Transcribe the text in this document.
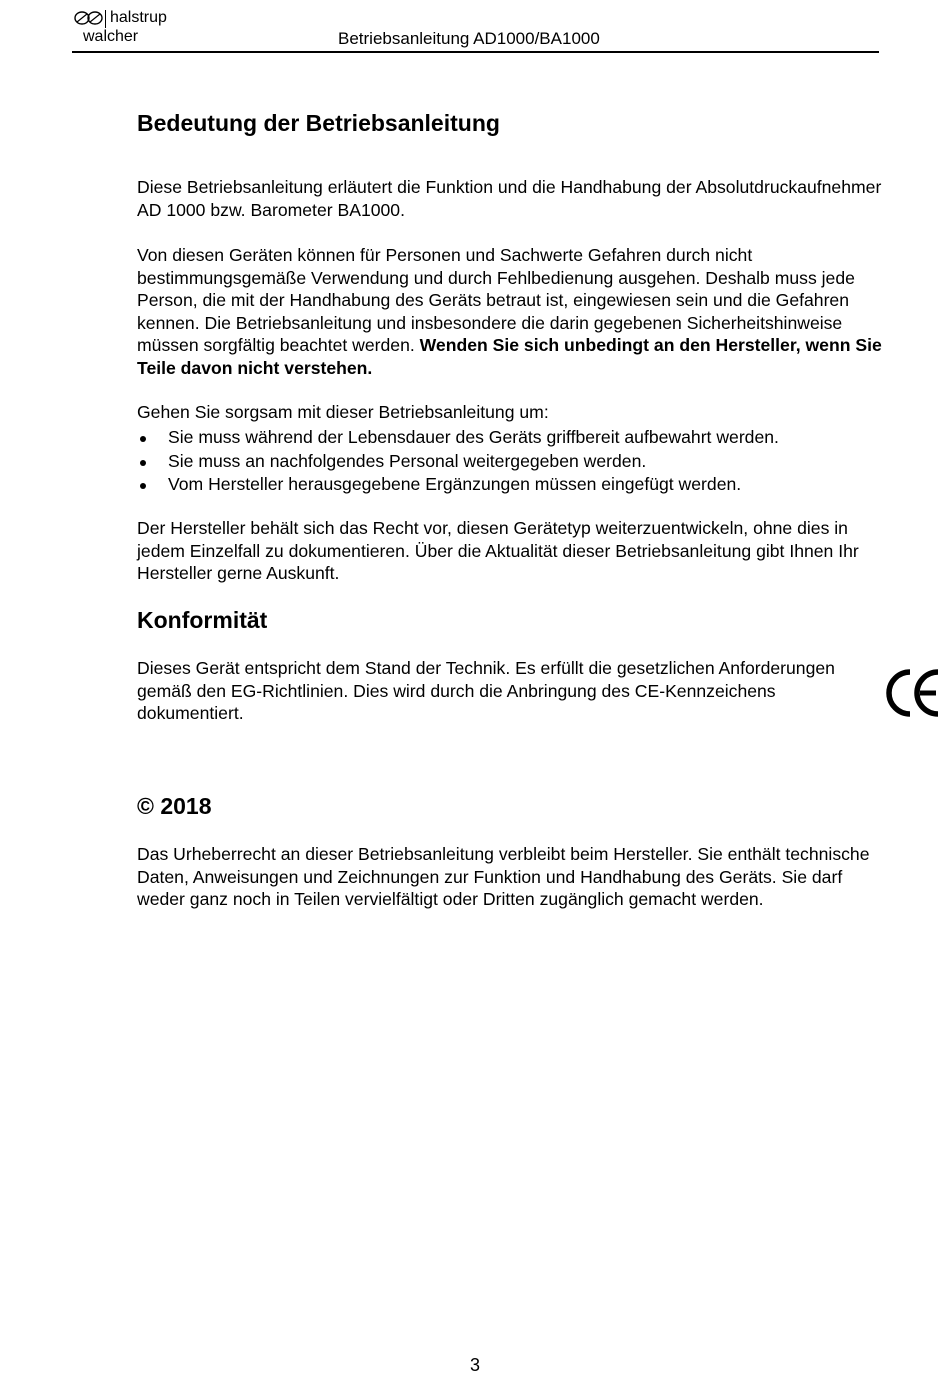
halstrup
walcher	Betriebsanleitung AD1000/BA1000
Bedeutung der Betriebsanleitung

Diese Betriebsanleitung erläutert die Funktion und die Handhabung der Absolutdruckaufnehmer AD 1000 bzw. Barometer BA1000.

Von diesen Geräten können für Personen und Sachwerte Gefahren durch nicht bestimmungsgemäße Verwendung und durch Fehlbedienung ausgehen. Deshalb muss jede Person, die mit der Handhabung des Geräts betraut ist, eingewiesen sein und die Gefahren kennen. Die Betriebsanleitung und insbesondere die darin gegebenen Sicherheitshinweise müssen sorgfältig beachtet werden. Wenden Sie sich unbedingt an den Hersteller, wenn Sie Teile davon nicht verstehen.

Gehen Sie sorgsam mit dieser Betriebsanleitung um:

Sie muss während der Lebensdauer des Geräts griffbereit aufbewahrt werden.
Sie muss an nachfolgendes Personal weitergegeben werden.
Vom Hersteller herausgegebene Ergänzungen müssen eingefügt werden.

Der Hersteller behält sich das Recht vor, diesen Gerätetyp weiterzuentwickeln, ohne dies in jedem Einzelfall zu dokumentieren. Über die Aktualität dieser Betriebsanleitung gibt Ihnen Ihr Hersteller gerne Auskunft.

Konformität

Dieses Gerät entspricht dem Stand der Technik. Es erfüllt die gesetzlichen Anforderungen gemäß den EG-Richtlinien. Dies wird durch die Anbringung des CE-Kennzeichens dokumentiert.

© 2018

Das Urheberrecht an dieser Betriebsanleitung verbleibt beim Hersteller. Sie enthält technische Daten, Anweisungen und Zeichnungen zur Funktion und Handhabung des Geräts. Sie darf weder ganz noch in Teilen vervielfältigt oder Dritten zugänglich gemacht werden.

3
